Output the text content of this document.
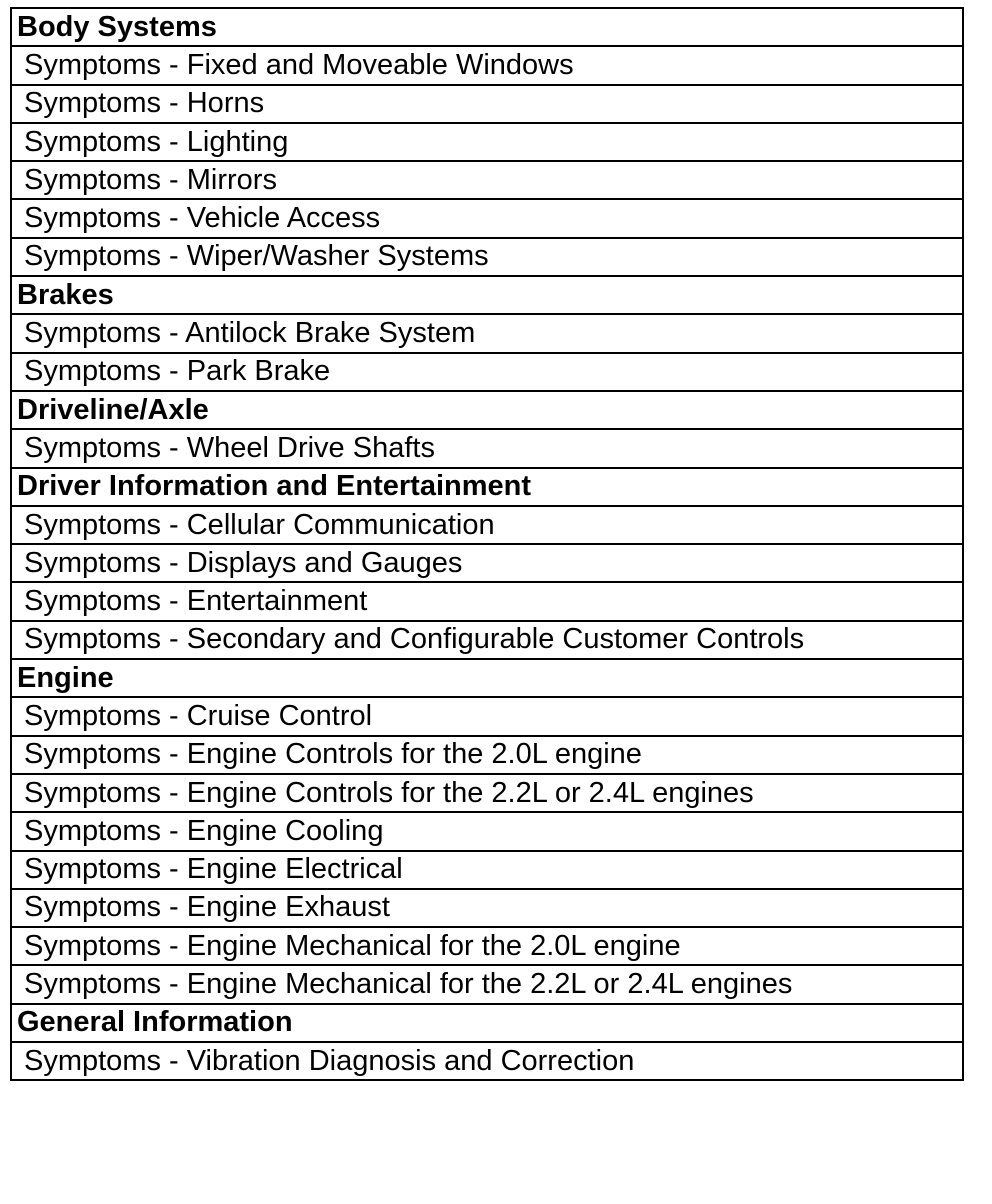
Body Systems
Symptoms - Fixed and Moveable Windows
Symptoms - Horns
Symptoms - Lighting
Symptoms - Mirrors
Symptoms - Vehicle Access
Symptoms - Wiper/Washer Systems
Brakes
Symptoms - Antilock Brake System
Symptoms - Park Brake
Driveline/Axle
Symptoms - Wheel Drive Shafts
Driver Information and Entertainment
Symptoms - Cellular Communication
Symptoms - Displays and Gauges
Symptoms - Entertainment
Symptoms - Secondary and Configurable Customer Controls
Engine
Symptoms - Cruise Control
Symptoms - Engine Controls for the 2.0L engine
Symptoms - Engine Controls for the 2.2L or 2.4L engines
Symptoms - Engine Cooling
Symptoms - Engine Electrical
Symptoms - Engine Exhaust
Symptoms - Engine Mechanical for the 2.0L engine
Symptoms - Engine Mechanical for the 2.2L or 2.4L engines
General Information
Symptoms - Vibration Diagnosis and Correction
